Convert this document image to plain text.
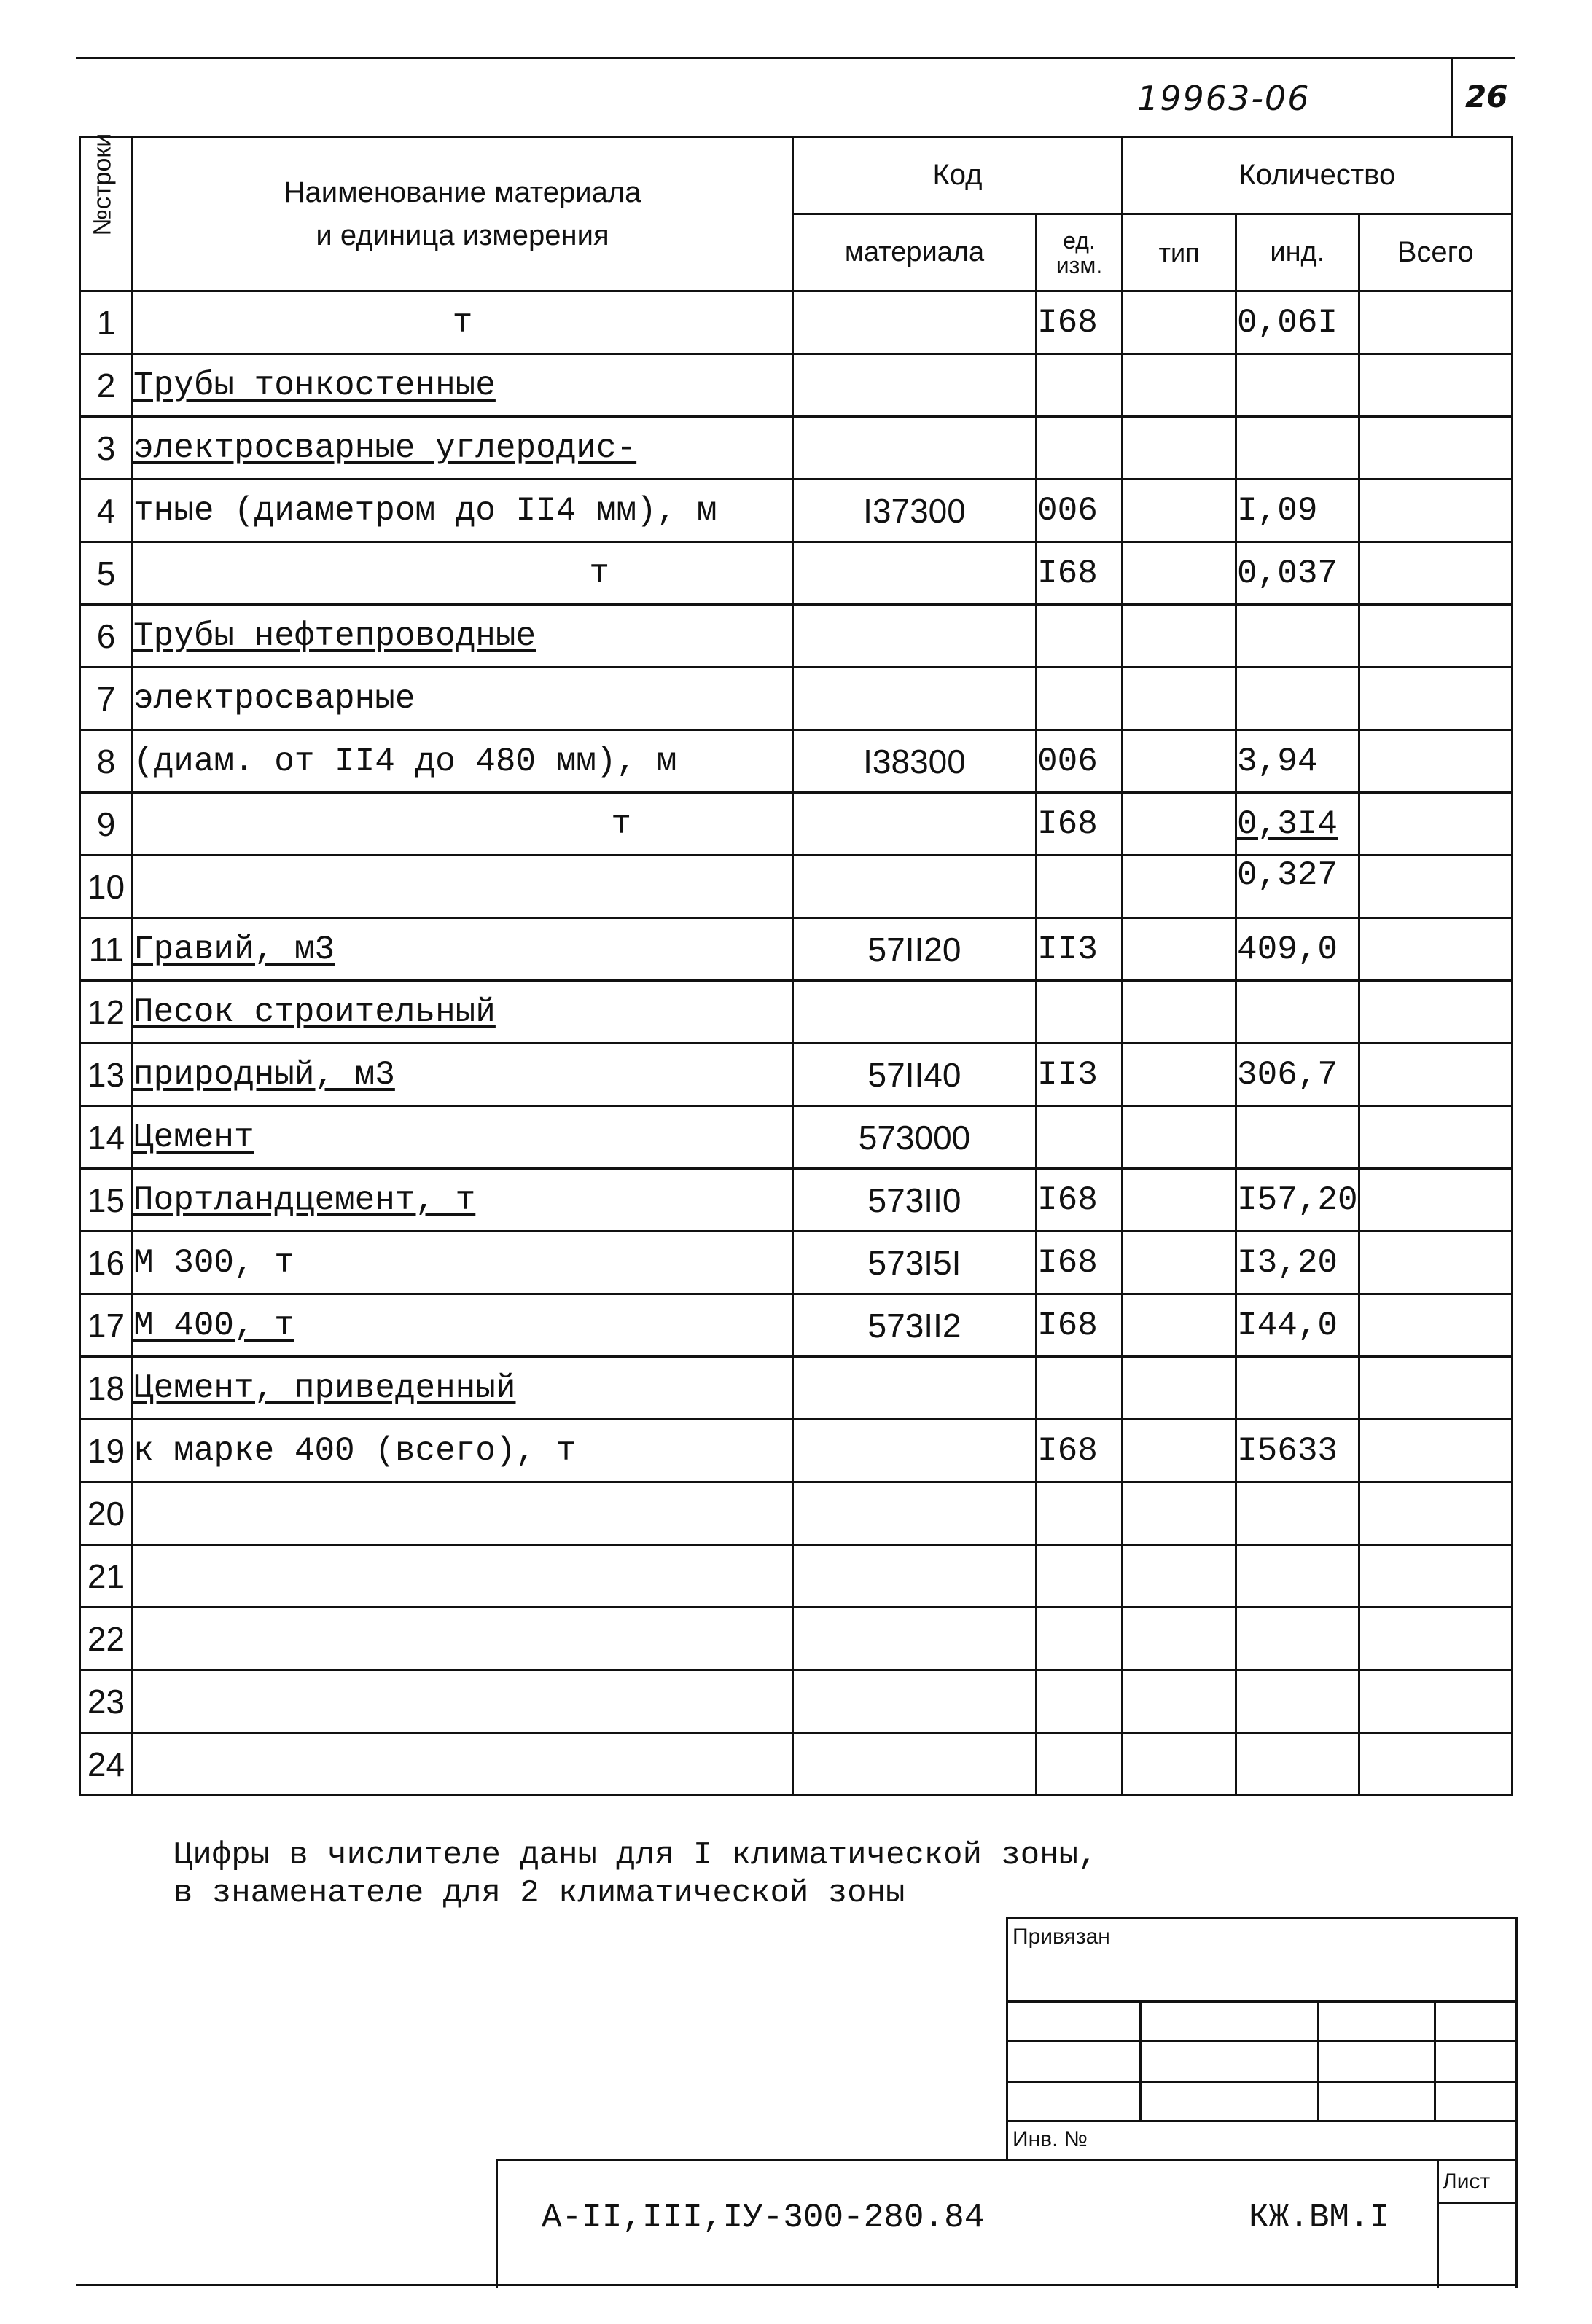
19963-06	26
№строки	Наименование материала
и единица измерения	Код		Количество		
		материала	ед. изм.	тип	инд.	Всего
1	т		I68		0,06I	
2	Трубы тонкостенные					
3	электросварные углеродис-					
4	тные (диаметром до II4 мм), м	I37300	006		I,09	
5	т		I68		0,037	
6	Трубы нефтепроводные					
7	электросварные					
8	(диам. от II4 до 480 мм), м	I38300	006		3,94	
9	т		I68		0,3I4	
10					0,327	
11	Гравий, м3	57II20	II3		409,0	
12	Песок строительный					
13	природный, м3	57II40	II3		306,7	
14	Цемент	573000				
15	Портландцемент, т	573II0	I68		I57,20	
16	М 300, т	573I5I	I68		I3,20	
17	М 400, т	573II2	I68		I44,0	
18	Цемент, приведенный					
19	к марке 400 (всего), т		I68		I5633	
20						
21						
22						
23						
24						
Цифры в числителе даны для I климатической зоны,
в знаменателе для 2 климатической зоны
Привязан
Инв. №
А-II,III,IУ-300-280.84	КЖ.ВМ.I
Лист
